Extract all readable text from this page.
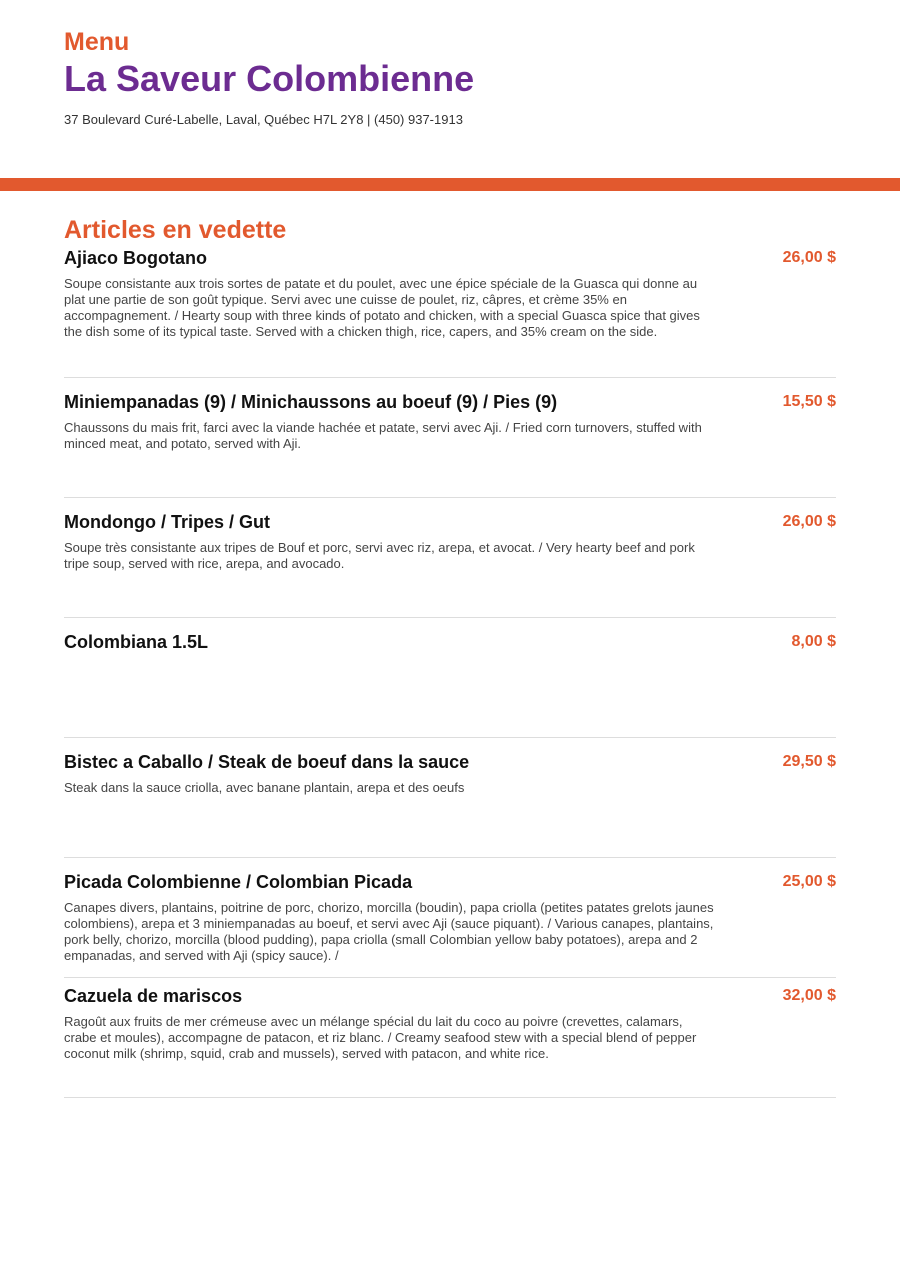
Menu
La Saveur Colombienne
37 Boulevard Curé-Labelle, Laval, Québec H7L 2Y8 | (450) 937-1913
Articles en vedette
Ajiaco Bogotano	26,00 $
Soupe consistante aux trois sortes de patate et du poulet, avec une épice spéciale de la Guasca qui donne au plat une partie de son goût typique. Servi avec une cuisse de poulet, riz, câpres, et crème 35% en accompagnement. / Hearty soup with three kinds of potato and chicken, with a special Guasca spice that gives the dish some of its typical taste. Served with a chicken thigh, rice, capers, and 35% cream on the side.
Miniempanadas (9) / Minichaussons au boeuf (9) / Pies (9)	15,50 $
Chaussons du mais frit, farci avec la viande hachée et patate, servi avec Aji. / Fried corn turnovers, stuffed with minced meat, and potato, served with Aji.
Mondongo / Tripes / Gut	26,00 $
Soupe très consistante aux tripes de Bouf et porc, servi avec riz, arepa, et avocat. / Very hearty beef and pork tripe soup, served with rice, arepa, and avocado.
Colombiana 1.5L	8,00 $
Bistec a Caballo / Steak de boeuf dans la sauce	29,50 $
Steak dans la sauce criolla, avec banane plantain, arepa et des oeufs
Picada Colombienne / Colombian Picada	25,00 $
Canapes divers, plantains, poitrine de porc, chorizo, morcilla (boudin), papa criolla (petites patates grelots jaunes colombiens), arepa et 3 miniempanadas au boeuf, et servi avec Aji (sauce piquant). / Various canapes, plantains, pork belly, chorizo, morcilla (blood pudding), papa criolla (small Colombian yellow baby potatoes), arepa and 2 empanadas, and served with Aji (spicy sauce). /
Cazuela de mariscos	32,00 $
Ragoût aux fruits de mer crémeuse avec un mélange spécial du lait du coco au poivre (crevettes, calamars, crabe et moules), accompagne de patacon, et riz blanc. / Creamy seafood stew with a special blend of pepper coconut milk (shrimp, squid, crab and mussels), served with patacon, and white rice.
